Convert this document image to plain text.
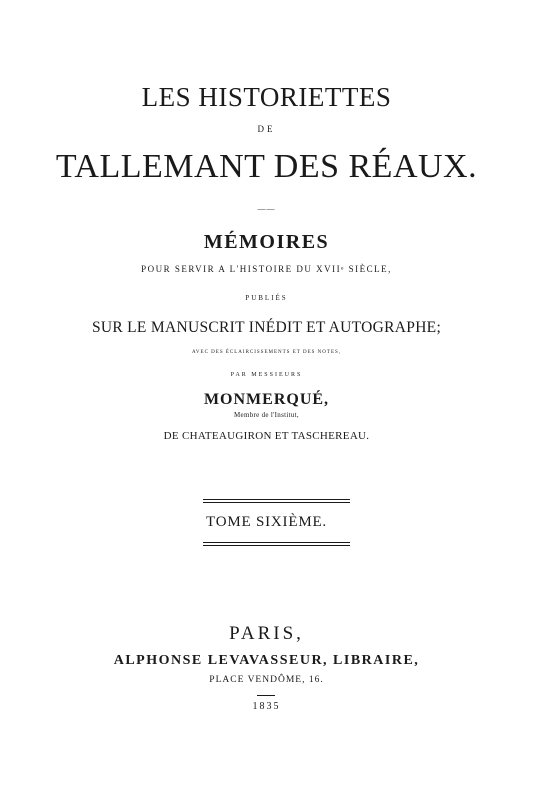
LES HISTORIETTES
DE
TALLEMANT DES RÉAUX.
——
MÉMOIRES
POUR SERVIR A L'HISTOIRE DU XVIIᵉ SIÈCLE,
PUBLIÉS
SUR LE MANUSCRIT INÉDIT ET AUTOGRAPHE;
AVEC DES ÉCLAIRCISSEMENTS ET DES NOTES,
PAR MESSIEURS
MONMERQUÉ,
Membre de l'Institut,
DE CHATEAUGIRON ET TASCHEREAU.
TOME SIXIÈME.
PARIS,
ALPHONSE LEVAVASSEUR, LIBRAIRE,
PLACE VENDÔME, 16.
1835
